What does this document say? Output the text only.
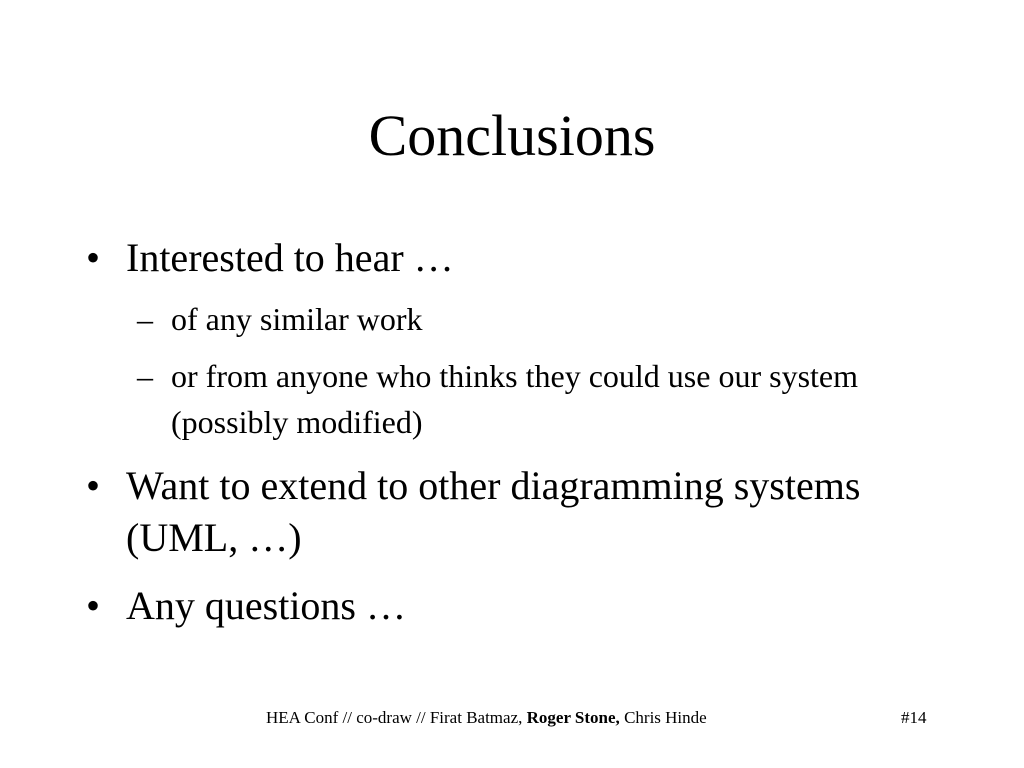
Conclusions
• Interested to hear …
– of any similar work
– or from anyone who thinks they could use our system (possibly modified)
• Want to extend to other diagramming systems (UML, …)
• Any questions …
HEA Conf // co-draw // Firat Batmaz, Roger Stone, Chris Hinde	#14
